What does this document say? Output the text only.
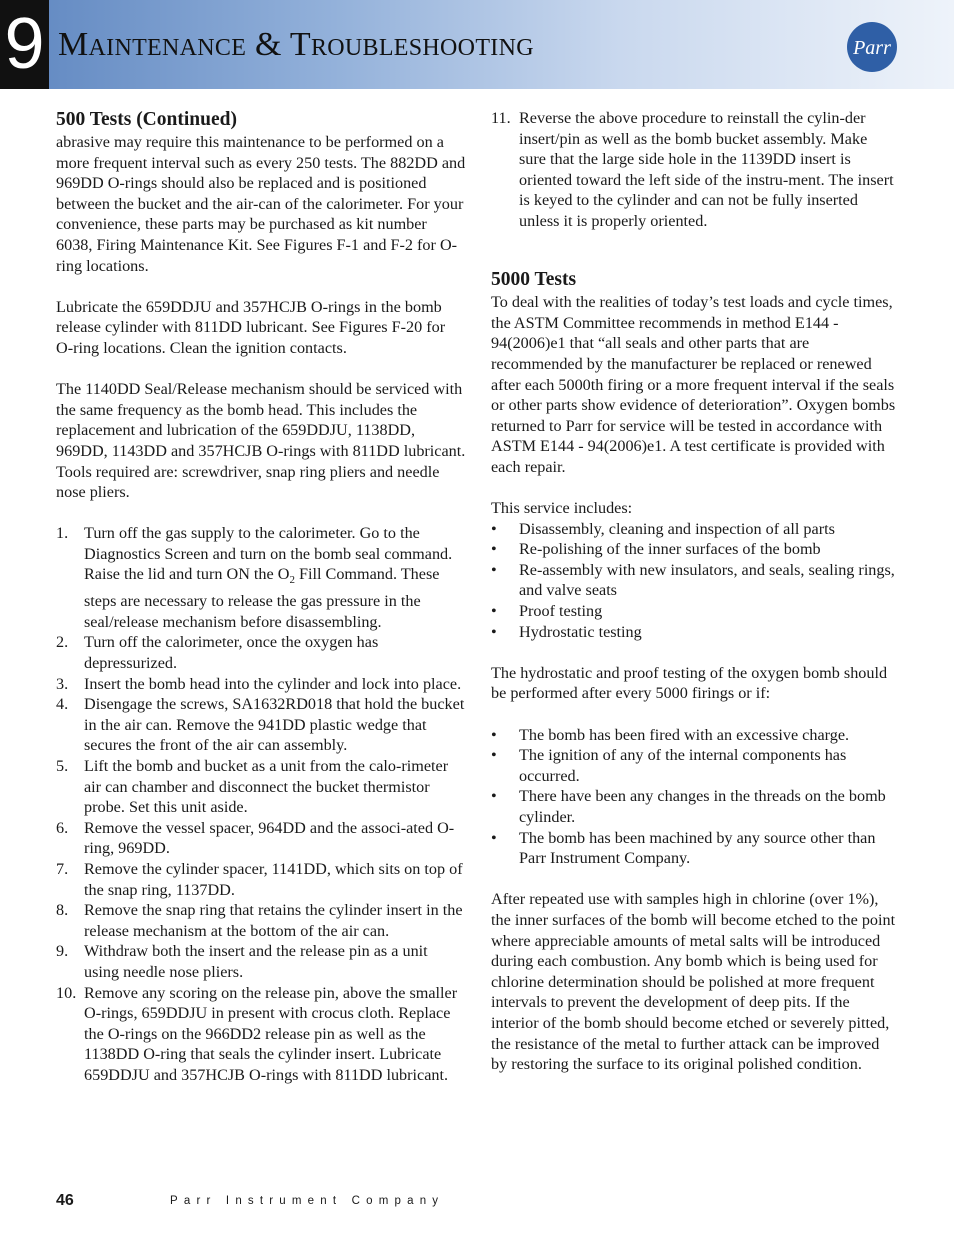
9 Maintenance & Troubleshooting	Parr
500 Tests (Continued)

abrasive may require this maintenance to be performed on a more frequent interval such as every 250 tests. The 882DD and 969DD O-rings should also be replaced and is positioned between the bucket and the air-can of the calorimeter. For your convenience, these parts may be purchased as kit number 6038, Firing Maintenance Kit. See Figures F-1 and F-2 for O-ring locations.

Lubricate the 659DDJU and 357HCJB O-rings in the bomb release cylinder with 811DD lubricant. See Figures F-20 for O-ring locations. Clean the ignition contacts.

The 1140DD Seal/Release mechanism should be serviced with the same frequency as the bomb head. This includes the replacement and lubrication of the 659DDJU, 1138DD, 969DD, 1143DD and 357HCJB O-rings with 811DD lubricant. Tools required are: screwdriver, snap ring pliers and needle nose pliers.

1. Turn off the gas supply to the calorimeter. Go to the Diagnostics Screen and turn on the bomb seal command. Raise the lid and turn ON the $O_2$ Fill Command. These steps are necessary to release the gas pressure in the seal/release mechanism before disassembling.
2. Turn off the calorimeter, once the oxygen has depressurized.
3. Insert the bomb head into the cylinder and lock into place.
4. Disengage the screws, SA1632RD018 that hold the bucket in the air can. Remove the 941DD plastic wedge that secures the front of the air can assembly.
5. Lift the bomb and bucket as a unit from the calo-rimeter air can chamber and disconnect the bucket thermistor probe. Set this unit aside.
6. Remove the vessel spacer, 964DD and the associ-ated O-ring, 969DD.
7. Remove the cylinder spacer, 1141DD, which sits on top of the snap ring, 1137DD.
8. Remove the snap ring that retains the cylinder insert in the release mechanism at the bottom of the air can.
9. Withdraw both the insert and the release pin as a unit using needle nose pliers.
10. Remove any scoring on the release pin, above the smaller O-rings, 659DDJU in present with crocus cloth. Replace the O-rings on the 966DD2 release pin as well as the 1138DD O-ring that seals the cylinder insert. Lubricate 659DDJU and 357HCJB O-rings with 811DD lubricant.
11. Reverse the above procedure to reinstall the cylin-der insert/pin as well as the bomb bucket assembly. Make sure that the large side hole in the 1139DD insert is oriented toward the left side of the instru-ment. The insert is keyed to the cylinder and can not be fully inserted unless it is properly oriented.
5000 Tests

To deal with the realities of today’s test loads and cycle times, the ASTM Committee recommends in method E144 - 94(2006)e1 that “all seals and other parts that are recommended by the manufacturer be replaced or renewed after each 5000th firing or a more frequent interval if the seals or other parts show evidence of deterioration”. Oxygen bombs returned to Parr for service will be tested in accordance with ASTM E144 - 94(2006)e1. A test certificate is provided with each repair.

This service includes:

• Disassembly, cleaning and inspection of all parts
• Re-polishing of the inner surfaces of the bomb
• Re-assembly with new insulators, and seals, sealing rings, and valve seats
• Proof testing
• Hydrostatic testing

The hydrostatic and proof testing of the oxygen bomb should be performed after every 5000 firings or if:

• The bomb has been fired with an excessive charge.
• The ignition of any of the internal components has occurred.
• There have been any changes in the threads on the bomb cylinder.
• The bomb has been machined by any source other than Parr Instrument Company.

After repeated use with samples high in chlorine (over 1%), the inner surfaces of the bomb will become etched to the point where appreciable amounts of metal salts will be introduced during each combustion. Any bomb which is being used for chlorine determination should be polished at more frequent intervals to prevent the development of deep pits. If the interior of the bomb should become etched or severely pitted, the resistance of the metal to further attack can be improved by restoring the surface to its original polished condition.

46	Parr Instrument Company
